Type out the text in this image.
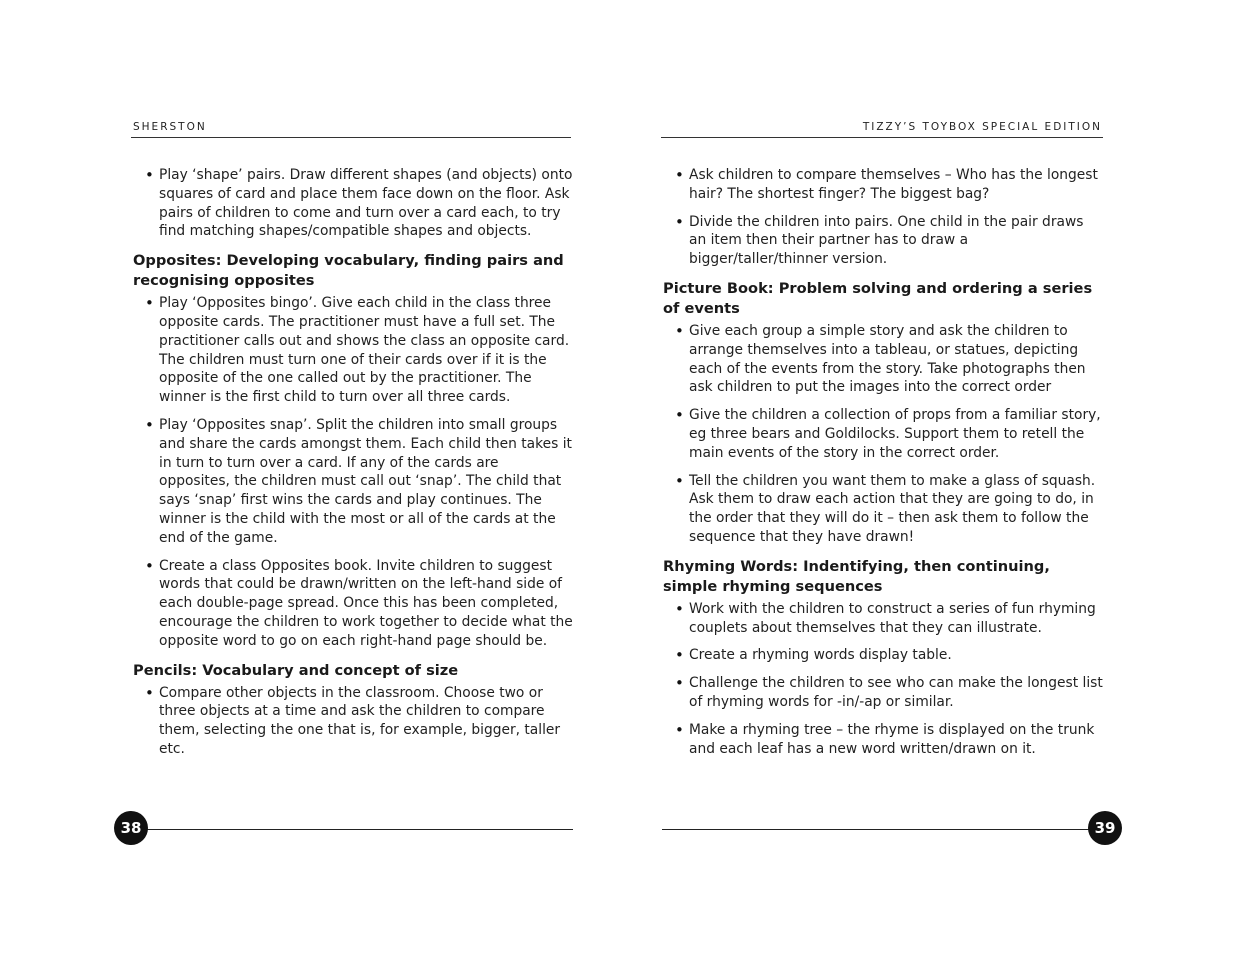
SHERSTON
• Play ‘shape’ pairs. Draw different shapes (and objects) onto squares of card and place them face down on the floor. Ask pairs of children to come and turn over a card each, to try find matching shapes/compatible shapes and objects.
Opposites: Developing vocabulary, finding pairs and recognising opposites
• Play ‘Opposites bingo’. Give each child in the class three opposite cards. The practitioner must have a full set. The practitioner calls out and shows the class an opposite card. The children must turn one of their cards over if it is the opposite of the one called out by the practitioner. The winner is the first child to turn over all three cards.
• Play ‘Opposites snap’. Split the children into small groups and share the cards amongst them. Each child then takes it in turn to turn over a card. If any of the cards are opposites, the children must call out ‘snap’. The child that says ‘snap’ first wins the cards and play continues. The winner is the child with the most or all of the cards at the end of the game.
• Create a class Opposites book. Invite children to suggest words that could be drawn/written on the left-hand side of each double-page spread. Once this has been completed, encourage the children to work together to decide what the opposite word to go on each right-hand page should be.
Pencils: Vocabulary and concept of size
• Compare other objects in the classroom. Choose two or three objects at a time and ask the children to compare them, selecting the one that is, for example, bigger, taller etc.
38
TIZZY’S TOYBOX SPECIAL EDITION
• Ask children to compare themselves – Who has the longest hair? The shortest finger? The biggest bag?
• Divide the children into pairs. One child in the pair draws an item then their partner has to draw a bigger/taller/thinner version.
Picture Book: Problem solving and ordering a series of events
• Give each group a simple story and ask the children to arrange themselves into a tableau, or statues, depicting each of the events from the story. Take photographs then ask children to put the images into the correct order
• Give the children a collection of props from a familiar story, eg three bears and Goldilocks. Support them to retell the main events of the story in the correct order.
• Tell the children you want them to make a glass of squash. Ask them to draw each action that they are going to do, in the order that they will do it – then ask them to follow the sequence that they have drawn!
Rhyming Words: Indentifying, then continuing, simple rhyming sequences
• Work with the children to construct a series of fun rhyming couplets about themselves that they can illustrate.
• Create a rhyming words display table.
• Challenge the children to see who can make the longest list of rhyming words for -in/-ap or similar.
• Make a rhyming tree – the rhyme is displayed on the trunk and each leaf has a new word written/drawn on it.
39
